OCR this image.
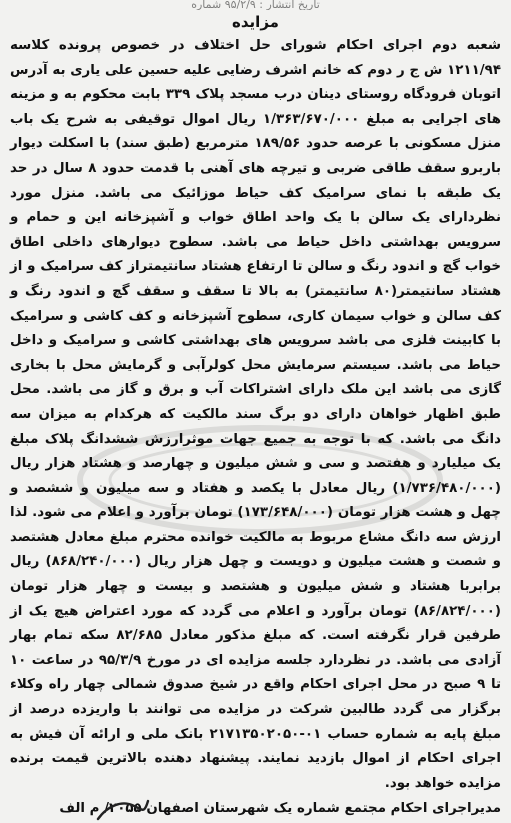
تاریخ انتشار : ۹۵/۲/۹ شماره
مزایده

شعبه دوم اجرای احکام شورای حل اختلاف در خصوص پرونده کلاسه ۱۲۱۱/۹۴ ش ج ر دوم که خانم اشرف رضایی علیه حسین علی یاری به آدرس اتوبان فرودگاه روستای دینان درب مسجد پلاک ۳۳۹ بابت محکوم به و مزینه های اجرایی به مبلغ ۱/۳۶۳/۶۷۰/۰۰۰ ریال اموال توقیفی به شرح یک باب منزل مسکونی با عرصه حدود ۱۸۹/۵۶ مترمربع (طبق سند) با اسکلت دیوار باربرو سقف طاقی ضربی و تیرچه های آهنی با قدمت حدود ۸ سال در حد یک طبقه با نمای سرامیک کف حیاط موزائیک می باشد. منزل مورد نظردارای یک سالن با یک واحد اطاق خواب و آشپزخانه این و حمام و سرویس بهداشتی داخل حیاط می باشد. سطوح دیوارهای داخلی اطاق خواب گچ و اندود رنگ و سالن تا ارتفاع هشتاد سانتیمتراز کف سرامیک و از هشتاد سانتیمتر(۸۰ سانتیمتر) به بالا تا سقف و سقف گچ و اندود رنگ و کف سالن و خواب سیمان کاری، سطوح آشپزخانه و کف کاشی و سرامیک با کابینت فلزی می باشد سرویس های بهداشتی کاشی و سرامیک و داخل حیاط می باشد. سیستم سرمایش محل کولرآبی و گرمایش محل با بخاری گازی می باشد این ملک دارای اشتراکات آب و برق و گاز می باشد. محل طبق اظهار خواهان دارای دو برگ سند مالکیت که هرکدام به میزان سه دانگ می باشد. که با توجه به جمیع جهات موثرارزش ششدانگ پلاک مبلغ یک میلیارد و هفتصد و سی و شش میلیون و چهارصد و هشتاد هزار ریال (۱/۷۳۶/۴۸۰/۰۰۰) ریال معادل با یکصد و هفتاد و سه میلیون و ششصد و چهل و هشت هزار تومان (۱۷۳/۶۴۸/۰۰۰) تومان برآورد و اعلام می شود. لذا ارزش سه دانگ مشاع مربوط به مالکیت خوانده محترم مبلغ معادل هشتصد و شصت و هشت میلیون و دویست و چهل هزار ریال (۸۶۸/۲۴۰/۰۰۰) ریال برابربا هشتاد و شش میلیون و هشتصد و بیست و چهار هزار تومان (۸۶/۸۲۴/۰۰۰) تومان برآورد و اعلام می گردد که مورد اعتراض هیچ یک از طرفین قرار نگرفته است. که مبلغ مذکور معادل ۸۲/۶۸۵ سکه تمام بهار آزادی می باشد. در نظردارد جلسه مزایده ای در مورخ ۹۵/۳/۹ در ساعت ۱۰ تا ۹ صبح در محل اجرای احکام واقع در شیخ صدوق شمالی چهار راه وکلاء برگزار می گردد طالبین شرکت در مزایده می توانند با واریزده درصد از مبلغ پایه به شماره حساب ۰۱-۲۱۷۱۳۵۰۲۰۵۰ بانک ملی و ارائه آن فیش به اجرای احکام از اموال بازدید نمایند. پیشنهاد دهنده بالاترین قیمت برنده مزایده خواهد بود.

مدیراجرای احکام مجتمع شماره یک شهرستان اصفهان ۲۰۵۵/ م الف
